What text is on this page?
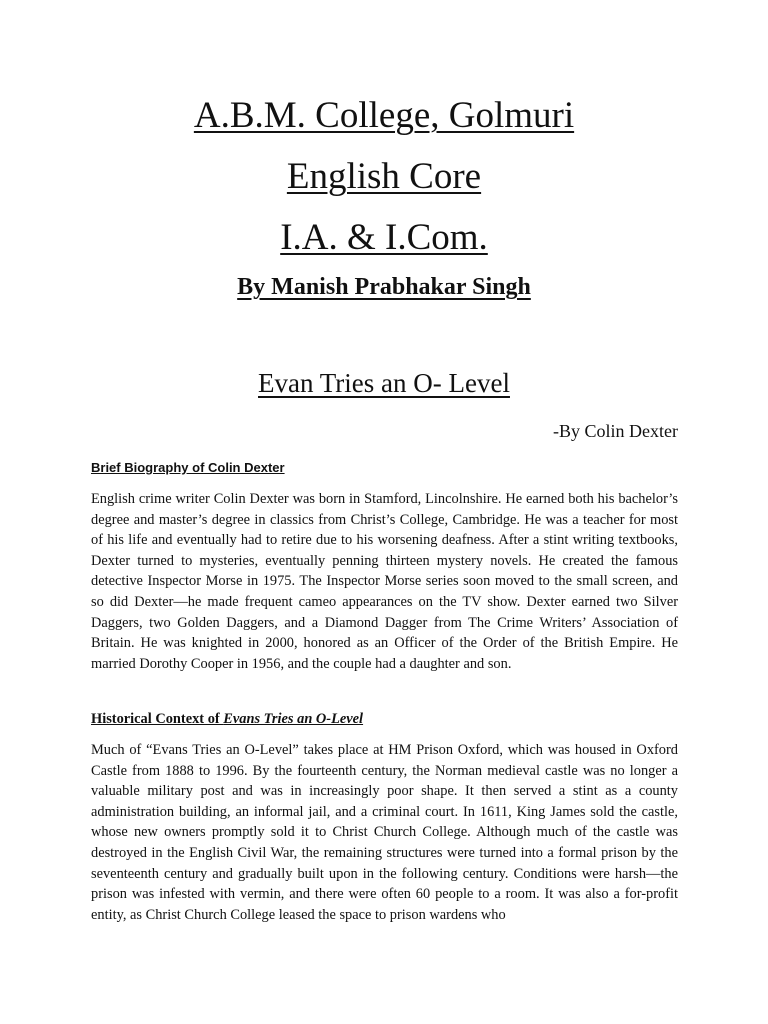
A.B.M. College, Golmuri
English Core
I.A. & I.Com.
By Manish Prabhakar Singh
Evan Tries an O- Level

-By Colin Dexter

Brief Biography of Colin Dexter

English crime writer Colin Dexter was born in Stamford, Lincolnshire. He earned both his bachelor’s degree and master’s degree in classics from Christ’s College, Cambridge. He was a teacher for most of his life and eventually had to retire due to his worsening deafness. After a stint writing textbooks, Dexter turned to mysteries, eventually penning thirteen mystery novels. He created the famous detective Inspector Morse in 1975. The Inspector Morse series soon moved to the small screen, and so did Dexter—he made frequent cameo appearances on the TV show. Dexter earned two Silver Daggers, two Golden Daggers, and a Diamond Dagger from The Crime Writers’ Association of Britain. He was knighted in 2000, honored as an Officer of the Order of the British Empire. He married Dorothy Cooper in 1956, and the couple had a daughter and son.

Historical Context of Evans Tries an O-Level

Much of “Evans Tries an O-Level” takes place at HM Prison Oxford, which was housed in Oxford Castle from 1888 to 1996. By the fourteenth century, the Norman medieval castle was no longer a valuable military post and was in increasingly poor shape. It then served a stint as a county administration building, an informal jail, and a criminal court. In 1611, King James sold the castle, whose new owners promptly sold it to Christ Church College. Although much of the castle was destroyed in the English Civil War, the remaining structures were turned into a formal prison by the seventeenth century and gradually built upon in the following century. Conditions were harsh—the prison was infested with vermin, and there were often 60 people to a room. It was also a for-profit entity, as Christ Church College leased the space to prison wardens who
